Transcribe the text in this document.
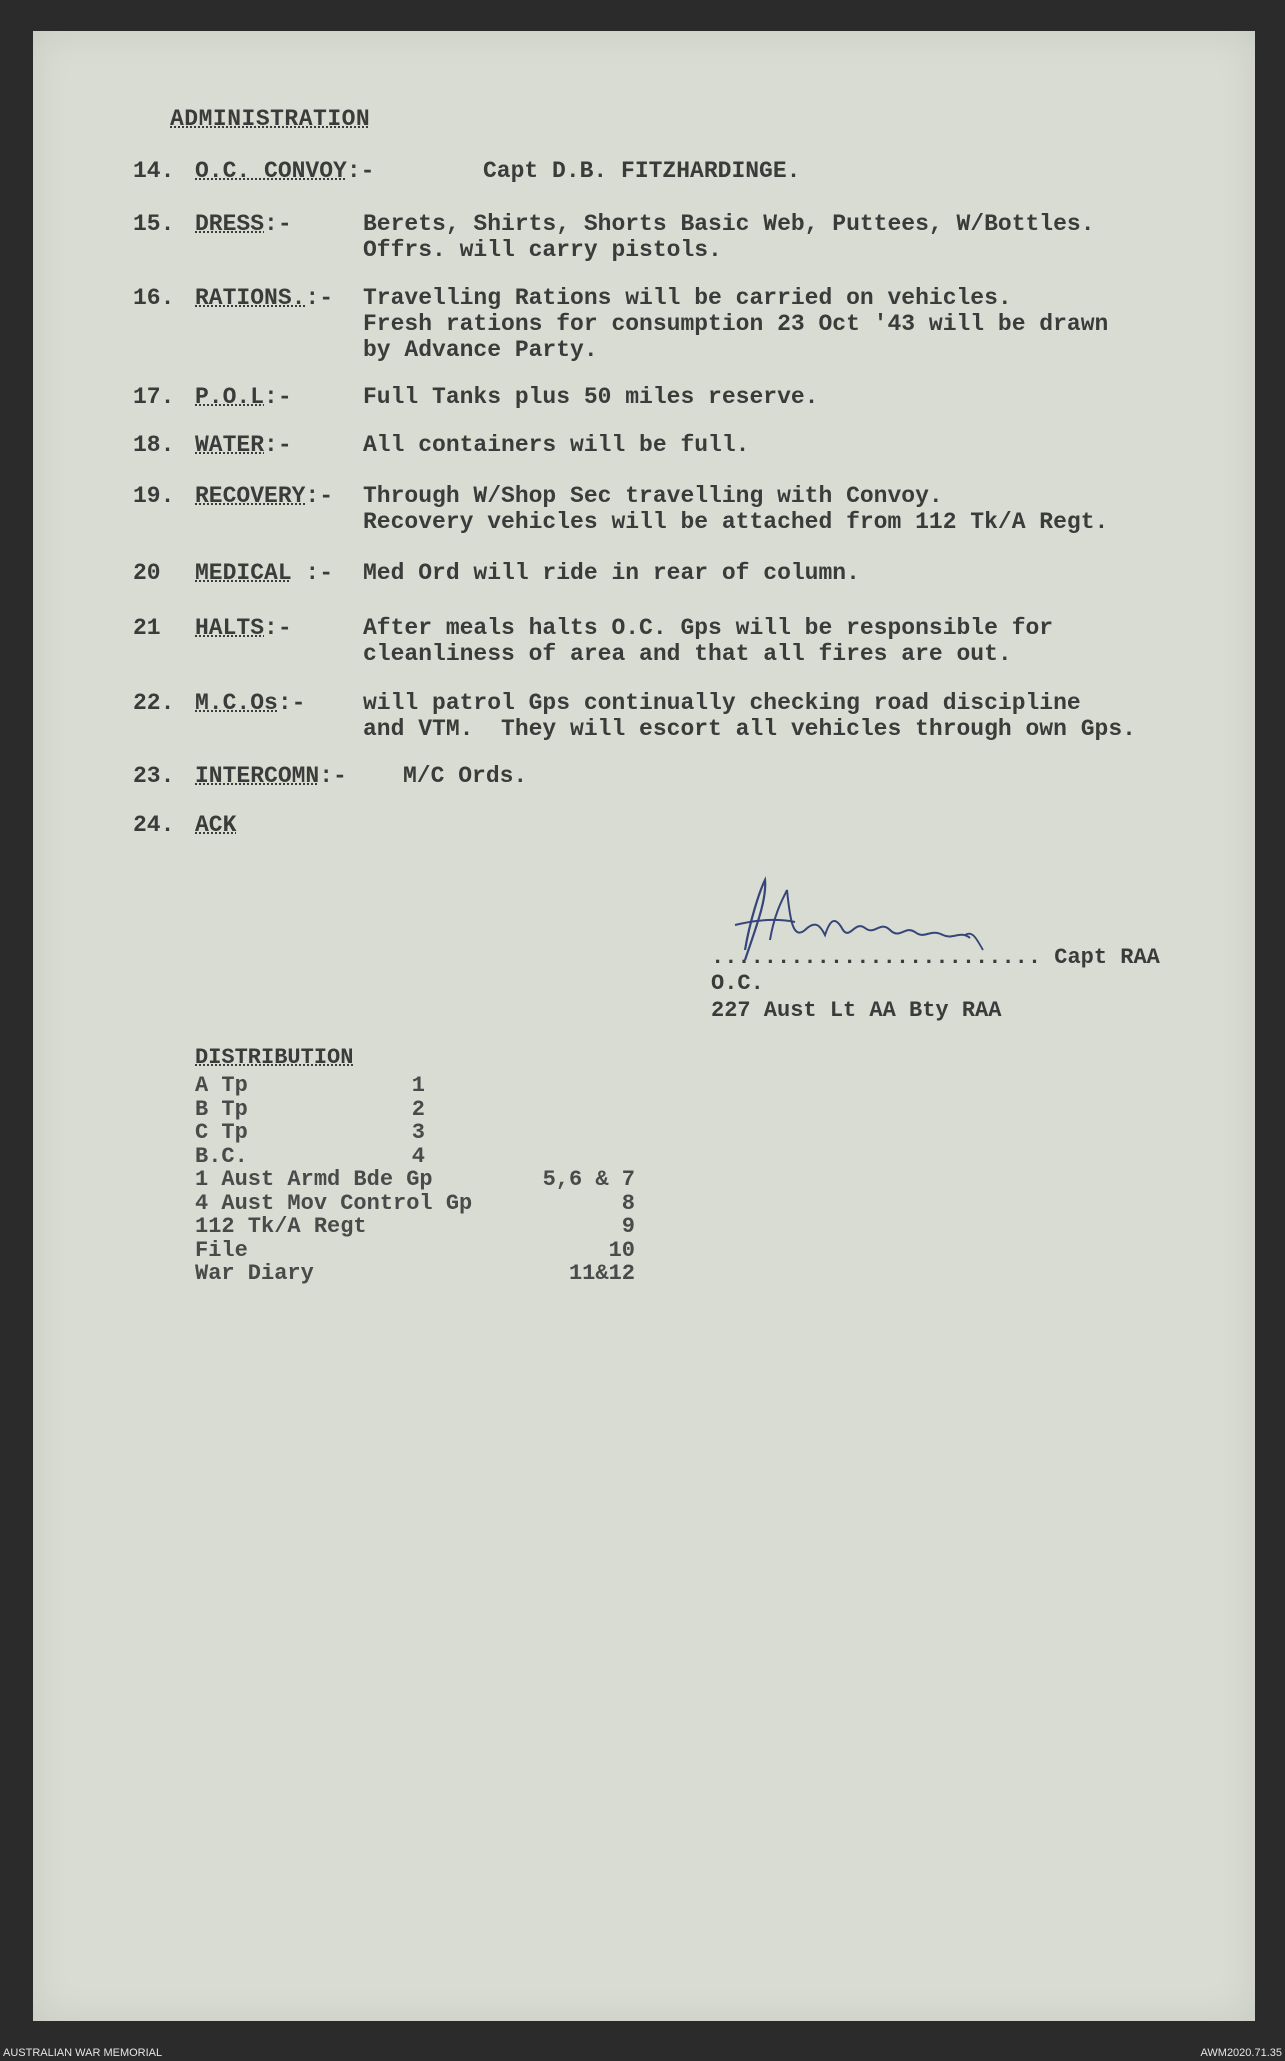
ADMINISTRATION
14. O.C. CONVOY:-	Capt D.B. FITZHARDINGE.
15. DRESS:-	Berets, Shirts, Shorts Basic Web, Puttees, W/Bottles.
Offrs. will carry pistols.
16. RATIONS.:- Travelling Rations will be carried on vehicles.
Fresh rations for consumption 23 Oct '43 will be drawn
by Advance Party.
17. P.O.L:-	Full Tanks plus 50 miles reserve.
18. WATER:-	All containers will be full.
19. RECOVERY:- Through W/Shop Sec travelling with Convoy.
Recovery vehicles will be attached from 112 Tk/A Regt.
20 MEDICAL :- Med Ord will ride in rear of column.
21 HALTS:-	After meals halts O.C. Gps will be responsible for
cleanliness of area and that all fires are out.
22. M.C.Os:-	will patrol Gps continually checking road discipline
and VTM.  They will escort all vehicles through own Gps.
23. INTERCOMN:- M/C Ords.
24. ACK
......................... Capt RAA
O.C.
227 Aust Lt AA Bty RAA
DISTRIBUTION
A Tp	1
B Tp	2
C Tp	3
B.C.	4
1 Aust Armd Bde Gp	5,6 & 7
4 Aust Mov Control Gp	8
112 Tk/A Regt	9
File	10
War Diary	11&12
AUSTRALIAN WAR MEMORIAL	AWM2020.71.35
